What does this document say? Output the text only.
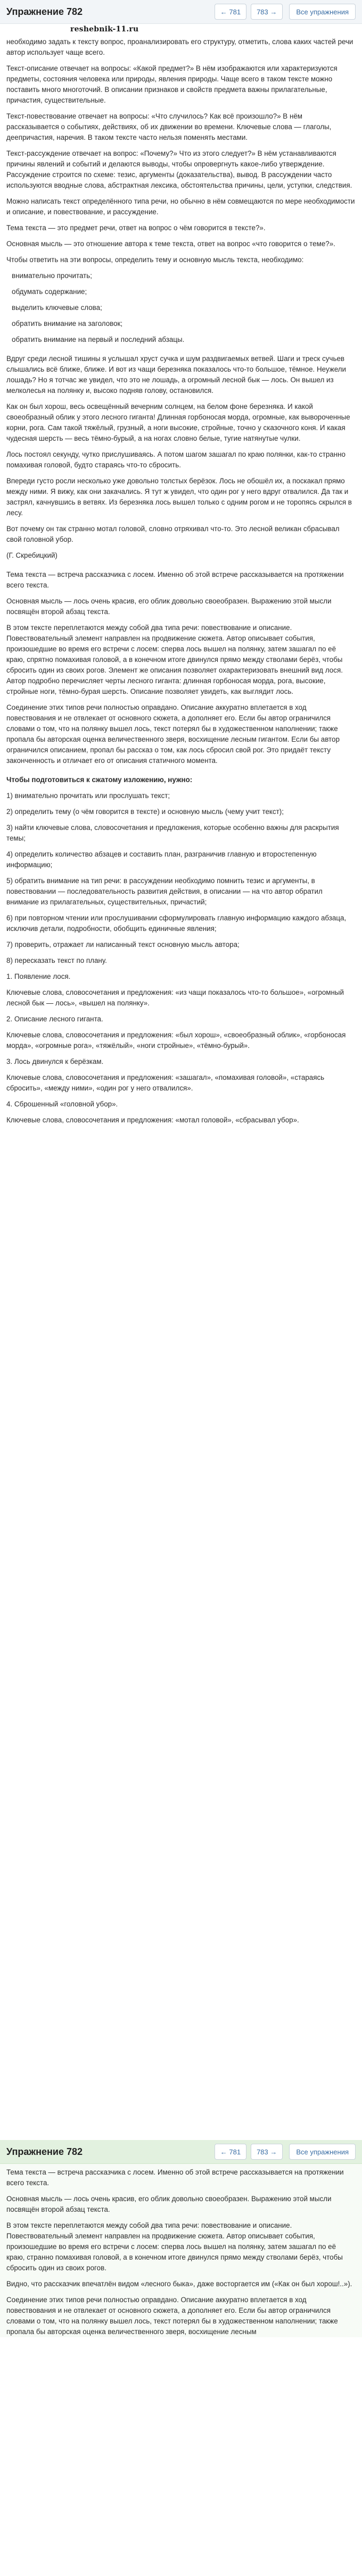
Упражнение 782	← 781	783 →	Все упражнения
reshebnik-11.ru

необходимо задать к тексту вопрос, проанализировать его структуру, отметить, слова каких частей речи автор использует чаще всего.

Текст-описание отвечает на вопросы: «Какой предмет?» В нём изображаются или характеризуются предметы, состояния человека или природы, явления природы. Чаще всего в таком тексте можно поставить много многоточий. В описании признаков и свойств предмета важны прилагательные, причастия, существительные.

Текст-повествование отвечает на вопросы: «Что случилось? Как всё произошло?» В нём рассказывается о событиях, действиях, об их движении во времени. Ключевые слова — глаголы, деепричастия, наречия. В таком тексте часто нельзя поменять местами.

Текст-рассуждение отвечает на вопрос: «Почему?» Что из этого следует?» В нём устанавливаются причины явлений и событий и делаются выводы, чтобы опровергнуть какое-либо утверждение. Рассуждение строится по схеме: тезис, аргументы (доказательства), вывод. В рассуждении часто используются вводные слова, абстрактная лексика, обстоятельства причины, цели, уступки, следствия.

Можно написать текст определённого типа речи, но обычно в нём совмещаются по мере необходимости и описание, и повествование, и рассуждение.

Тема текста — это предмет речи, ответ на вопрос о чём говорится в тексте?».

Основная мысль — это отношение автора к теме текста, ответ на вопрос «что говорится о теме?».

Чтобы ответить на эти вопросы, определить тему и основную мысль текста, необходимо:

внимательно прочитать;

обдумать содержание;

выделить ключевые слова;

обратить внимание на заголовок;

обратить внимание на первый и последний абзацы.

Вдруг среди лесной тишины я услышал хруст сучка и шум раздвигаемых ветвей. Шаги и треск сучьев слышались всё ближе, ближе. И вот из чащи березняка показалось что-то большое, тёмное. Неужели лошадь? Но я тотчас же увидел, что это не лошадь, а огромный лесной бык — лось. Он вышел из мелколесья на полянку и, высоко подняв голову, остановился.

Как он был хорош, весь освещённый вечерним солнцем, на белом фоне березняка. И какой своеобразный облик у этого лесного гиганта! Длинная горбоносая морда, огромные, как вывороченные корни, рога. Сам такой тяжёлый, грузный, а ноги высокие, стройные, точно у сказочного коня. И какая чудесная шерсть — весь тёмно-бурый, а на ногах словно белые, тугие натянутые чулки.

Лось постоял секунду, чутко прислушиваясь. А потом шагом зашагал по краю полянки, как-то странно помахивая головой, будто стараясь что-то сбросить.

Впереди густо росли несколько уже довольно толстых берёзок. Лось не обошёл их, а поскакал прямо между ними. Я вижу, как они закачались. Я тут ж увидел, что один рог у него вдруг отвалился. Да так и застрял, качнувшись в ветвях. Из березняка лось вышел только с одним рогом и не торопясь скрылся в лесу.

Вот почему он так странно мотал головой, словно отряхивал что-то. Это лесной великан сбрасывал свой головной убор.

(Г. Скребицкий)

Тема текста — встреча рассказчика с лосем. Именно об этой встрече рассказывается на протяжении всего текста.

Основная мысль — лось очень красив, его облик довольно своеобразен. Выражению этой мысли посвящён второй абзац текста.

В этом тексте переплетаются между собой два типа речи: повествование и описание. Повествовательный элемент направлен на продвижение сюжета. Автор описывает события, произошедшие во время его встречи с лосем: сперва лось вышел на полянку, затем зашагал по её краю, спрятно помахивая головой, а в конечном итоге двинулся прямо между стволами берёз, чтобы сбросить один из своих рогов. Элемент же описания позволяет охарактеризовать внешний вид лося. Автор подробно перечисляет черты лесного гиганта: длинная горбоносая морда, рога, высокие, стройные ноги, тёмно-бурая шерсть. Описание позволяет увидеть, как выглядит лось.

Соединение этих типов речи полностью оправдано. Описание аккуратно вплетается в ход повествования и не отвлекает от основного сюжета, а дополняет его. Если бы автор ограничился словами о том, что на полянку вышел лось, текст потерял бы в художественном наполнении; также пропала бы авторская оценка величественного зверя, восхищение лесным гигантом. Если бы автор ограничился описанием, пропал бы рассказ о том, как лось сбросил свой рог. Это придаёт тексту законченность и отличает его от описания статичного момента.

Чтобы подготовиться к сжатому изложению, нужно:

1) внимательно прочитать или прослушать текст;

2) определить тему (о чём говорится в тексте) и основную мысль (чему учит текст);

3) найти ключевые слова, словосочетания и предложения, которые особенно важны для раскрытия темы;

4) определить количество абзацев и составить план, разграничив главную и второстепенную информацию;

5) обратить внимание на тип речи: в рассуждении необходимо помнить тезис и аргументы, в повествовании — последовательность развития действия, в описании — на что автор обратил внимание из прилагательных, существительных, причастий;

6) при повторном чтении или прослушивании сформулировать главную информацию каждого абзаца, исключив детали, подробности, обобщить единичные явления;

7) проверить, отражает ли написанный текст основную мысль автора;

8) пересказать текст по плану.

1. Появление лося.

Ключевые слова, словосочетания и предложения: «из чащи показалось что-то большое», «огромный лесной бык — лось», «вышел на полянку».

2. Описание лесного гиганта.

Ключевые слова, словосочетания и предложения: «был хорош», «своеобразный облик», «горбоносая морда», «огромные рога», «тяжёлый», «ноги стройные», «тёмно-бурый».

3. Лось двинулся к берёзкам.

Ключевые слова, словосочетания и предложения: «зашагал», «помахивая головой», «стараясь сбросить», «между ними», «один рог у него отвалился».

4. Сброшенный «головной убор».

Ключевые слова, словосочетания и предложения: «мотал головой», «сбрасывал убор».

Упражнение 782	← 781	783 →	Все упражнения

Тема текста — встреча рассказчика с лосем. Именно об этой встрече рассказывается на протяжении всего текста.

Основная мысль — лось очень красив, его облик довольно своеобразен. Выражению этой мысли посвящён второй абзац текста.

В этом тексте переплетаются между собой два типа речи: повествование и описание. Повествовательный элемент направлен на продвижение сюжета. Автор описывает события, произошедшие во время его встречи с лосем: сперва лось вышел на полянку, затем зашагал по её краю, странно помахивая головой, а в конечном итоге двинулся прямо между стволами берёз, чтобы сбросить один из своих рогов.

Видно, что рассказчик впечатлён видом «лесного быка», даже восторгается им («Как он был хорош!..»).

Соединение этих типов речи полностью оправдано. Описание аккуратно вплетается в ход повествования и не отвлекает от основного сюжета, а дополняет его. Если бы автор ограничился словами о том, что на полянку вышел лось, текст потерял бы в художественном наполнении; также пропала бы авторская оценка величественного зверя, восхищение лесным
